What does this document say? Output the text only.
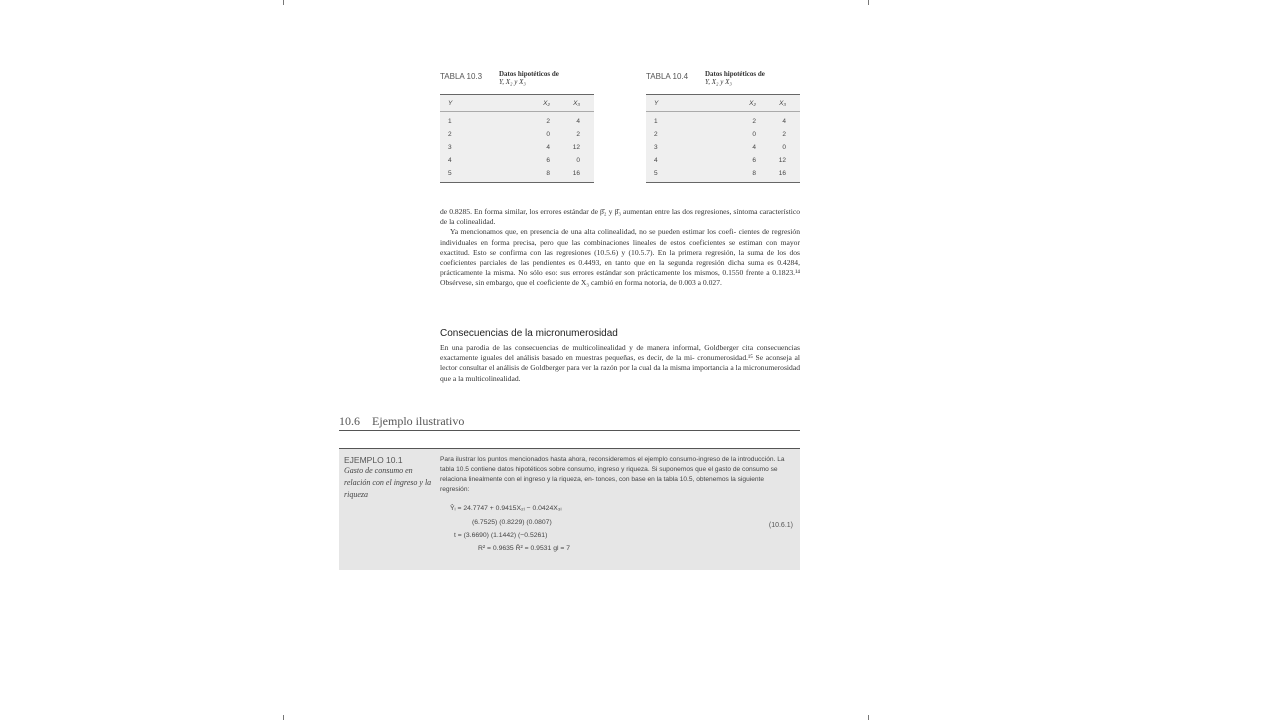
TABLA 10.3	Datos hipotéticos de
Y, X₂ y X₃
Y	X₂	X₃
1	2	4
2	0	2
3	4	12
4	6	0
5	8	16
TABLA 10.4	Datos hipotéticos de
Y, X₂ y X₃
Y	X₂	X₃
1	2	4
2	0	2
3	4	0
4	6	12
5	8	16

de 0.8285. En forma similar, los errores estándar de β̂₂ y β̂₃ aumentan entre las dos regresiones, síntoma característico de la colinealidad.

Ya mencionamos que, en presencia de una alta colinealidad, no se pueden estimar los coefi- cientes de regresión individuales en forma precisa, pero que las combinaciones lineales de estos coeficientes se estiman con mayor exactitud. Esto se confirma con las regresiones (10.5.6) y (10.5.7). En la primera regresión, la suma de los dos coeficientes parciales de las pendientes es 0.4493, en tanto que en la segunda regresión dicha suma es 0.4284, prácticamente la misma. No sólo eso: sus errores estándar son prácticamente los mismos, 0.1550 frente a 0.1823.¹⁴ Obsérvese, sin embargo, que el coeficiente de X₃ cambió en forma notoria, de 0.003 a 0.027.

Consecuencias de la micronumerosidad

En una parodia de las consecuencias de multicolinealidad y de manera informal, Goldberger cita consecuencias exactamente iguales del análisis basado en muestras pequeñas, es decir, de la mi- cronumerosidad.¹⁵ Se aconseja al lector consultar el análisis de Goldberger para ver la razón por la cual da la misma importancia a la micronumerosidad que a la multicolinealidad.

10.6 Ejemplo ilustrativo
EJEMPLO 10.1
Gasto de consumo en relación con el ingreso y la riqueza

Para ilustrar los puntos mencionados hasta ahora, reconsideremos el ejemplo consumo-ingreso de la introducción. La tabla 10.5 contiene datos hipotéticos sobre consumo, ingreso y riqueza. Si suponemos que el gasto de consumo se relaciona linealmente con el ingreso y la riqueza, en- tonces, con base en la tabla 10.5, obtenemos la siguiente regresión:

Ŷᵢ = 24.7747 + 0.9415X₂ᵢ − 0.0424X₃ᵢ
(6.7525) (0.8229) (0.0807)
t = (3.6690) (1.1442) (−0.5261)
R² = 0.9635 R̄² = 0.9531 gl = 7
(10.6.1)
